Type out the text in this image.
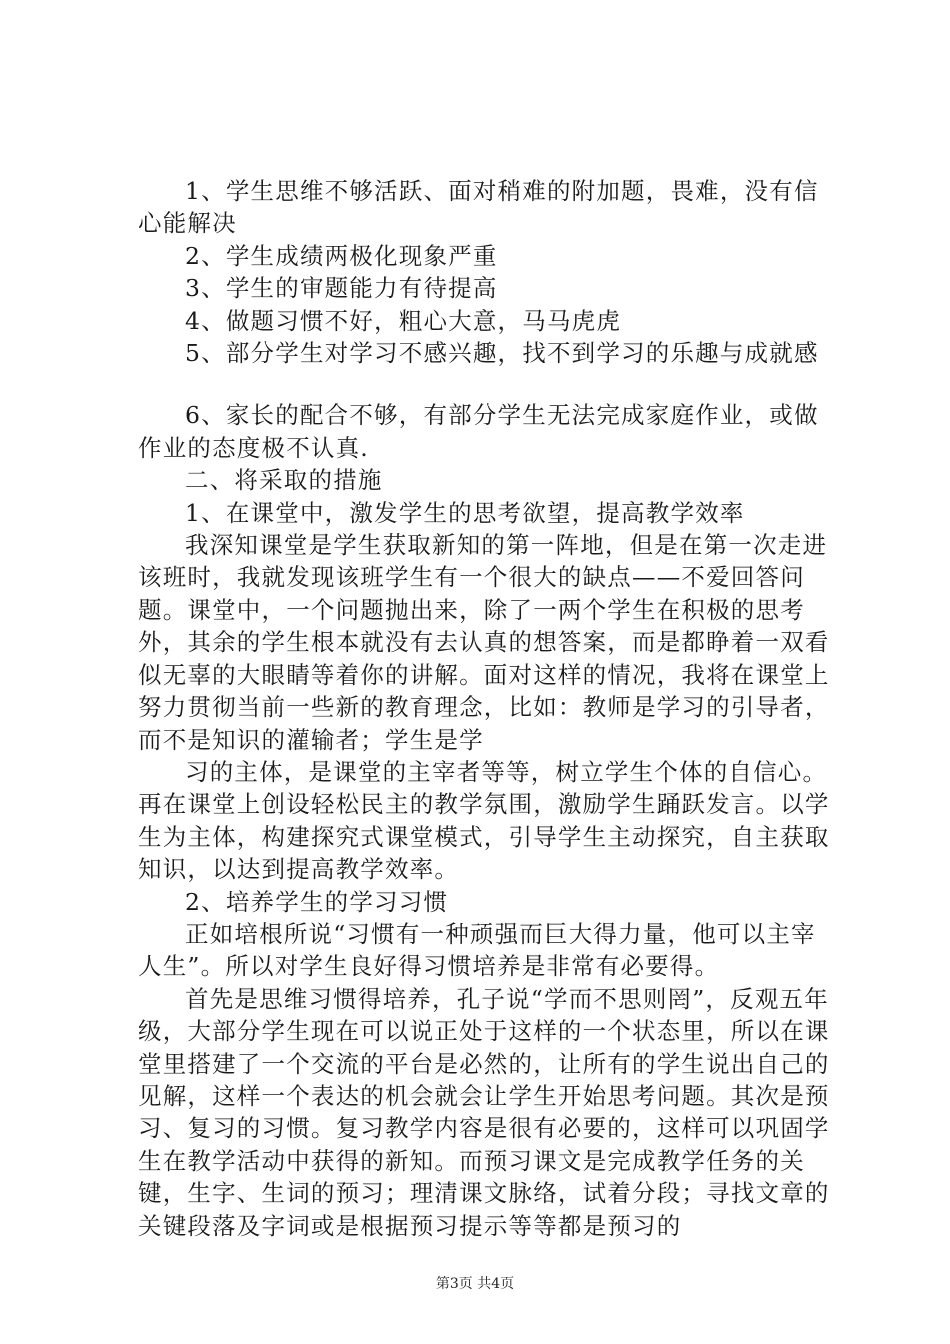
1、学生思维不够活跃、面对稍难的附加题，畏难，没有信心能解决

2、学生成绩两极化现象严重

3、学生的审题能力有待提高

4、做题习惯不好，粗心大意，马马虎虎

5、部分学生对学习不感兴趣，找不到学习的乐趣与成就感

6、家长的配合不够，有部分学生无法完成家庭作业，或做作业的态度极不认真.

二、将采取的措施

1、在课堂中，激发学生的思考欲望，提高教学效率

我深知课堂是学生获取新知的第一阵地，但是在第一次走进该班时，我就发现该班学生有一个很大的缺点——不爱回答问题。课堂中，一个问题抛出来，除了一两个学生在积极的思考外，其余的学生根本就没有去认真的想答案，而是都睁着一双看似无辜的大眼睛等着你的讲解。面对这样的情况，我将在课堂上努力贯彻当前一些新的教育理念，比如：教师是学习的引导者，而不是知识的灌输者；学生是学

习的主体，是课堂的主宰者等等，树立学生个体的自信心。再在课堂上创设轻松民主的教学氛围，激励学生踊跃发言。以学生为主体，构建探究式课堂模式，引导学生主动探究，自主获取知识，以达到提高教学效率。

2、培养学生的学习习惯

正如培根所说“习惯有一种顽强而巨大得力量，他可以主宰人生”。所以对学生良好得习惯培养是非常有必要得。

首先是思维习惯得培养，孔子说“学而不思则罔”，反观五年级，大部分学生现在可以说正处于这样的一个状态里，所以在课堂里搭建了一个交流的平台是必然的，让所有的学生说出自己的见解，这样一个表达的机会就会让学生开始思考问题。其次是预习、复习的习惯。复习教学内容是很有必要的，这样可以巩固学生在教学活动中获得的新知。而预习课文是完成教学任务的关键，生字、生词的预习；理清课文脉络，试着分段；寻找文章的关键段落及字词或是根据预习提示等等都是预习的

第3页 共4页
